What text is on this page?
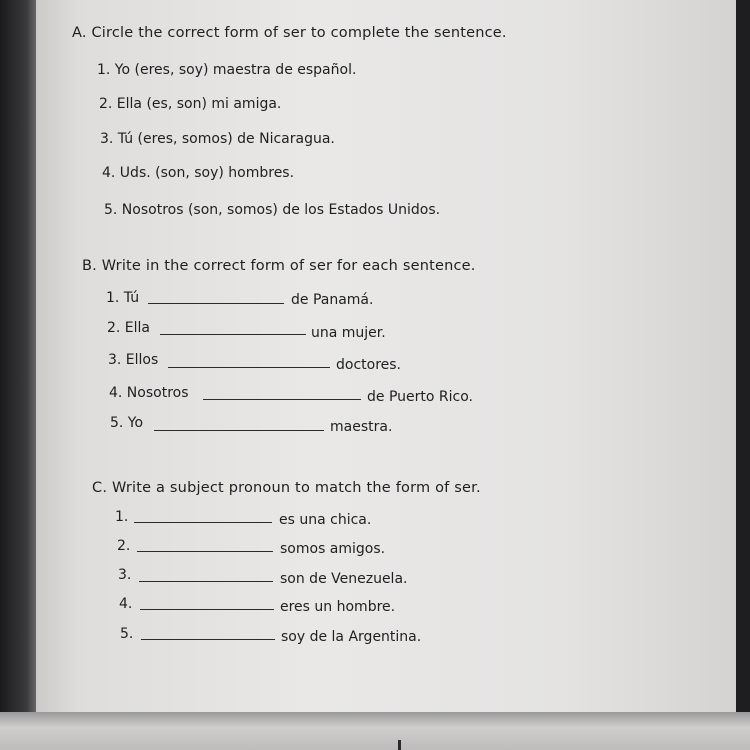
A. Circle the correct form of ser to complete the sentence.
1. Yo (eres, soy) maestra de español.
2. Ella (es, son) mi amiga.
3. Tú (eres, somos) de Nicaragua.
4. Uds. (son, soy) hombres.
5. Nosotros (son, somos) de los Estados Unidos.
B. Write in the correct form of ser for each sentence.
1. Tú	de Panamá.
2. Ella	una mujer.
3. Ellos	doctores.
4. Nosotros	de Puerto Rico.
5. Yo	maestra.
C. Write a subject pronoun to match the form of ser.
1.	es una chica.
2.	somos amigos.
3.	son de Venezuela.
4.	eres un hombre.
5.	soy de la Argentina.
